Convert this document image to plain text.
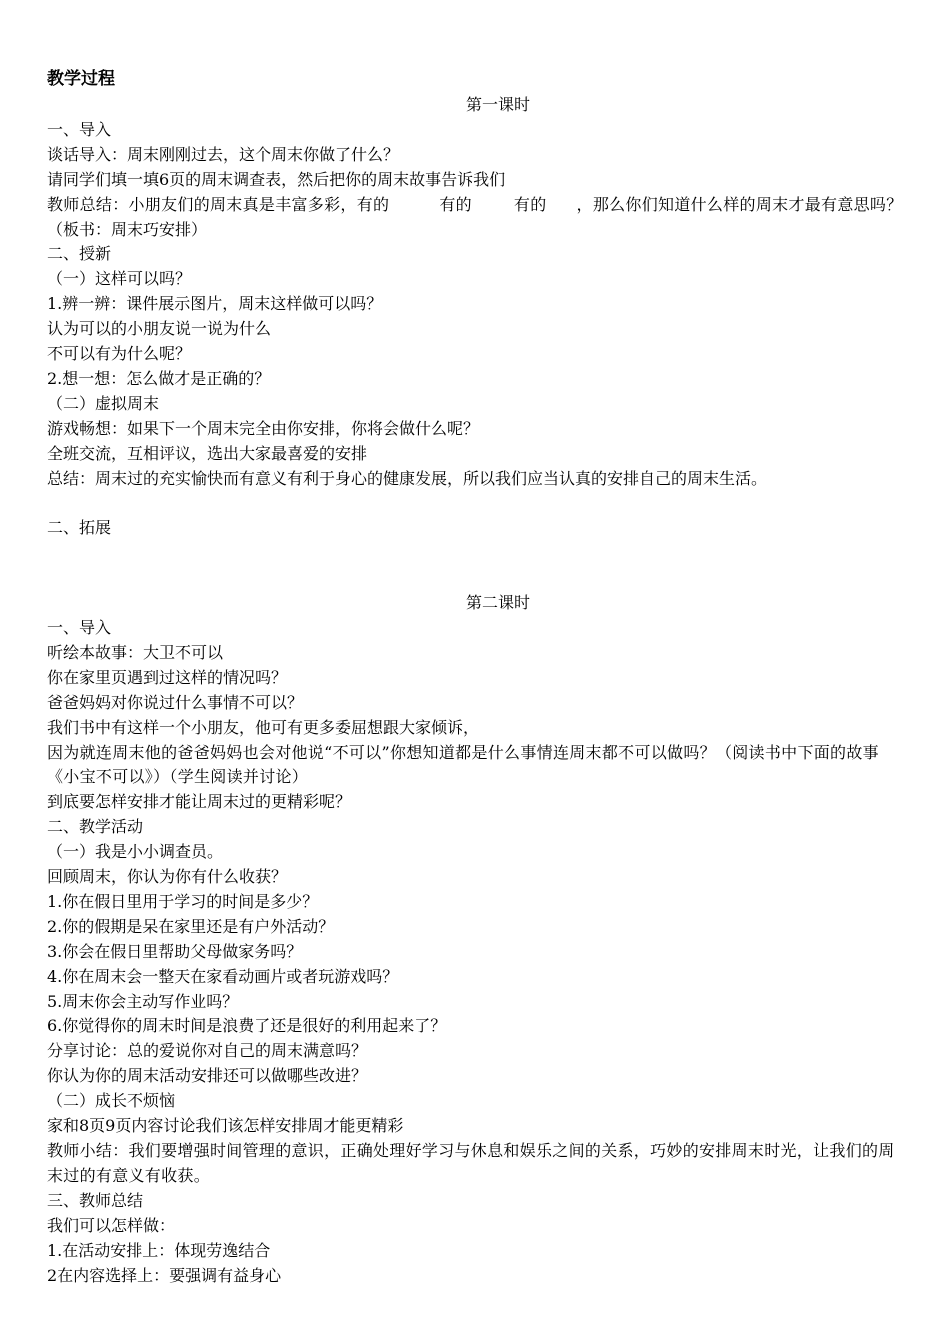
教学过程
第一课时
一、导入
谈话导入：周末刚刚过去，这个周末你做了什么？
请同学们填一填6页的周末调查表，然后把你的周末故事告诉我们
教师总结：小朋友们的周末真是丰富多彩，有的	有的	有的 ，那么你们知道什么样的周末才最有意思吗？
（板书：周末巧安排）
二、授新
（一）这样可以吗？
1.辨一辨：课件展示图片，周末这样做可以吗？
认为可以的小朋友说一说为什么
不可以有为什么呢？
2.想一想：怎么做才是正确的？
（二）虚拟周末
游戏畅想：如果下一个周末完全由你安排，你将会做什么呢？
全班交流，互相评议，选出大家最喜爱的安排
总结：周末过的充实愉快而有意义有利于身心的健康发展，所以我们应当认真的安排自己的周末生活。
二、拓展
第二课时
一、导入
听绘本故事：大卫不可以
你在家里页遇到过这样的情况吗？
爸爸妈妈对你说过什么事情不可以？
我们书中有这样一个小朋友，他可有更多委屈想跟大家倾诉，
因为就连周末他的爸爸妈妈也会对他说“不可以”你想知道都是什么事情连周末都不可以做吗？（阅读书中下面的故事《小宝不可以》）（学生阅读并讨论）
到底要怎样安排才能让周末过的更精彩呢？
二、教学活动
（一）我是小小调查员。
回顾周末，你认为你有什么收获？
1.你在假日里用于学习的时间是多少？
2.你的假期是呆在家里还是有户外活动？
3.你会在假日里帮助父母做家务吗？
4.你在周末会一整天在家看动画片或者玩游戏吗？
5.周末你会主动写作业吗？
6.你觉得你的周末时间是浪费了还是很好的利用起来了？
分享讨论：总的爱说你对自己的周末满意吗？
你认为你的周末活动安排还可以做哪些改进？
（二）成长不烦恼
家和8页9页内容讨论我们该怎样安排周才能更精彩
教师小结：我们要增强时间管理的意识，正确处理好学习与休息和娱乐之间的关系，巧妙的安排周末时光，让我们的周末过的有意义有收获。
三、教师总结
我们可以怎样做：
1.在活动安排上：体现劳逸结合
2在内容选择上：要强调有益身心
